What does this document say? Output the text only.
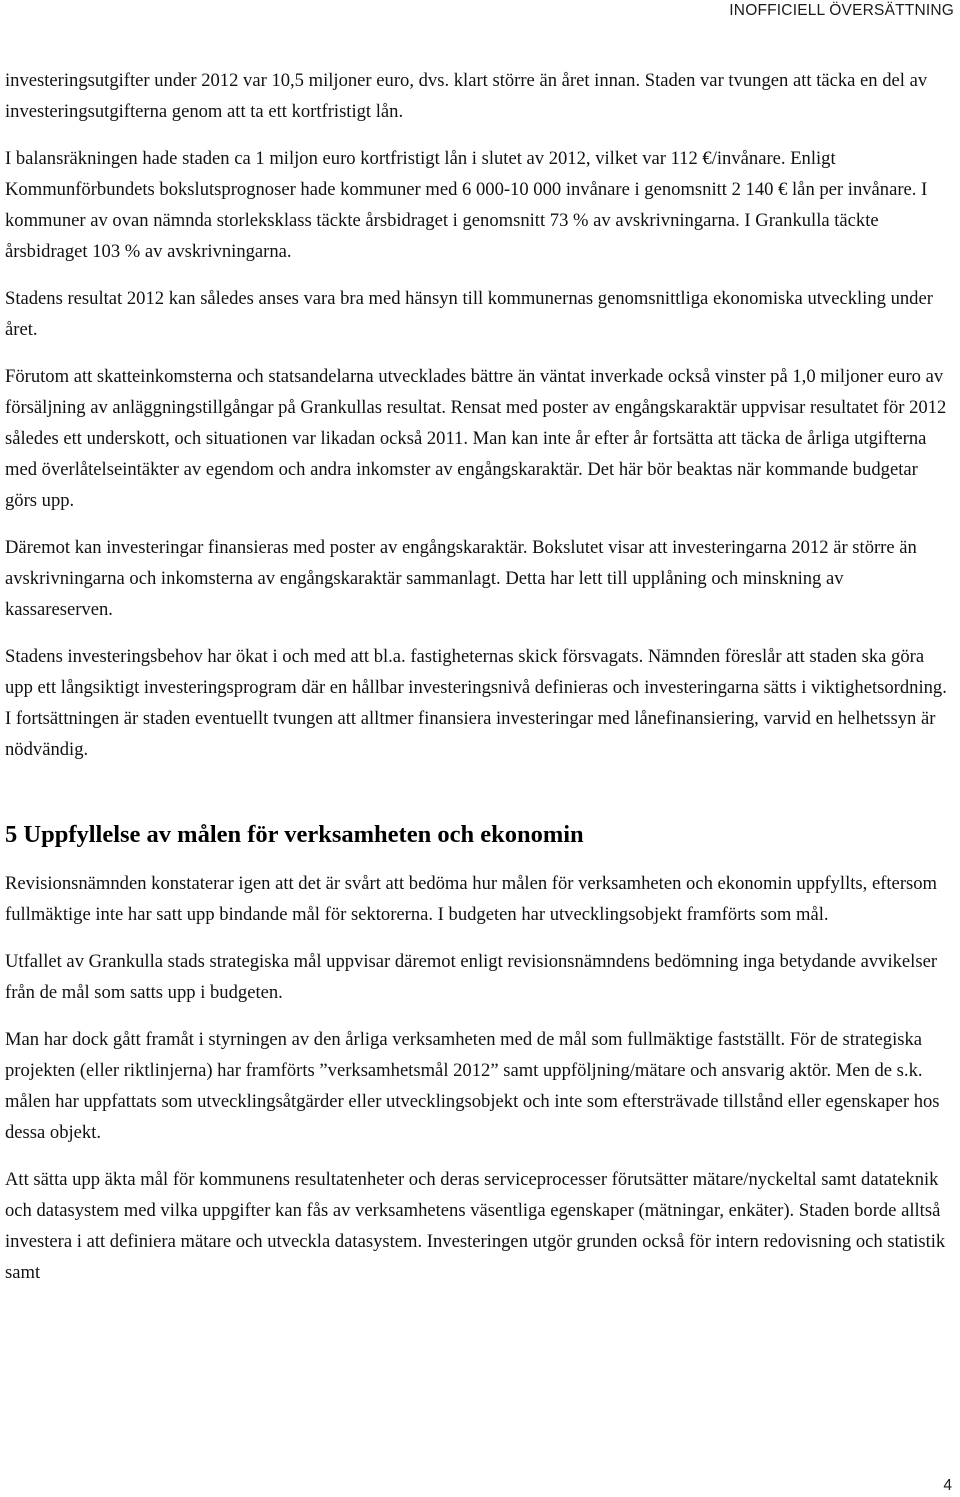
INOFFICIELL ÖVERSÄTTNING

investeringsutgifter under 2012 var 10,5 miljoner euro, dvs. klart större än året innan. Staden var tvungen att täcka en del av investeringsutgifterna genom att ta ett kortfristigt lån.

I balansräkningen hade staden ca 1 miljon euro kortfristigt lån i slutet av 2012, vilket var 112 €/invånare. Enligt Kommunförbundets bokslutsprognoser hade kommuner med 6 000-10 000 invånare i genomsnitt 2 140 € lån per invånare. I kommuner av ovan nämnda storleksklass täckte årsbidraget i genomsnitt 73 % av avskrivningarna. I Grankulla täckte årsbidraget 103 % av avskrivningarna.

Stadens resultat 2012 kan således anses vara bra med hänsyn till kommunernas genomsnittliga ekonomiska utveckling under året.

Förutom att skatteinkomsterna och statsandelarna utvecklades bättre än väntat inverkade också vinster på 1,0 miljoner euro av försäljning av anläggningstillgångar på Grankullas resultat. Rensat med poster av engångskaraktär uppvisar resultatet för 2012 således ett underskott, och situationen var likadan också 2011. Man kan inte år efter år fortsätta att täcka de årliga utgifterna med överlåtelseintäkter av egendom och andra inkomster av engångskaraktär. Det här bör beaktas när kommande budgetar görs upp.

Däremot kan investeringar finansieras med poster av engångskaraktär. Bokslutet visar att investeringarna 2012 är större än avskrivningarna och inkomsterna av engångskaraktär sammanlagt. Detta har lett till upplåning och minskning av kassareserven.

Stadens investeringsbehov har ökat i och med att bl.a. fastigheternas skick försvagats. Nämnden föreslår att staden ska göra upp ett långsiktigt investeringsprogram där en hållbar investeringsnivå definieras och investeringarna sätts i viktighetsordning. I fortsättningen är staden eventuellt tvungen att alltmer finansiera investeringar med lånefinansiering, varvid en helhetssyn är nödvändig.

5 Uppfyllelse av målen för verksamheten och ekonomin

Revisionsnämnden konstaterar igen att det är svårt att bedöma hur målen för verksamheten och ekonomin uppfyllts, eftersom fullmäktige inte har satt upp bindande mål för sektorerna. I budgeten har utvecklingsobjekt framförts som mål.

Utfallet av Grankulla stads strategiska mål uppvisar däremot enligt revisionsnämndens bedömning inga betydande avvikelser från de mål som satts upp i budgeten.

Man har dock gått framåt i styrningen av den årliga verksamheten med de mål som fullmäktige fastställt. För de strategiska projekten (eller riktlinjerna) har framförts ”verksamhetsmål 2012” samt uppföljning/mätare och ansvarig aktör. Men de s.k. målen har uppfattats som utvecklingsåtgärder eller utvecklingsobjekt och inte som eftersträvade tillstånd eller egenskaper hos dessa objekt.

Att sätta upp äkta mål för kommunens resultatenheter och deras serviceprocesser förutsätter mätare/nyckeltal samt datateknik och datasystem med vilka uppgifter kan fås av verksamhetens väsentliga egenskaper (mätningar, enkäter). Staden borde alltså investera i att definiera mätare och utveckla datasystem. Investeringen utgör grunden också för intern redovisning och statistik samt

4
